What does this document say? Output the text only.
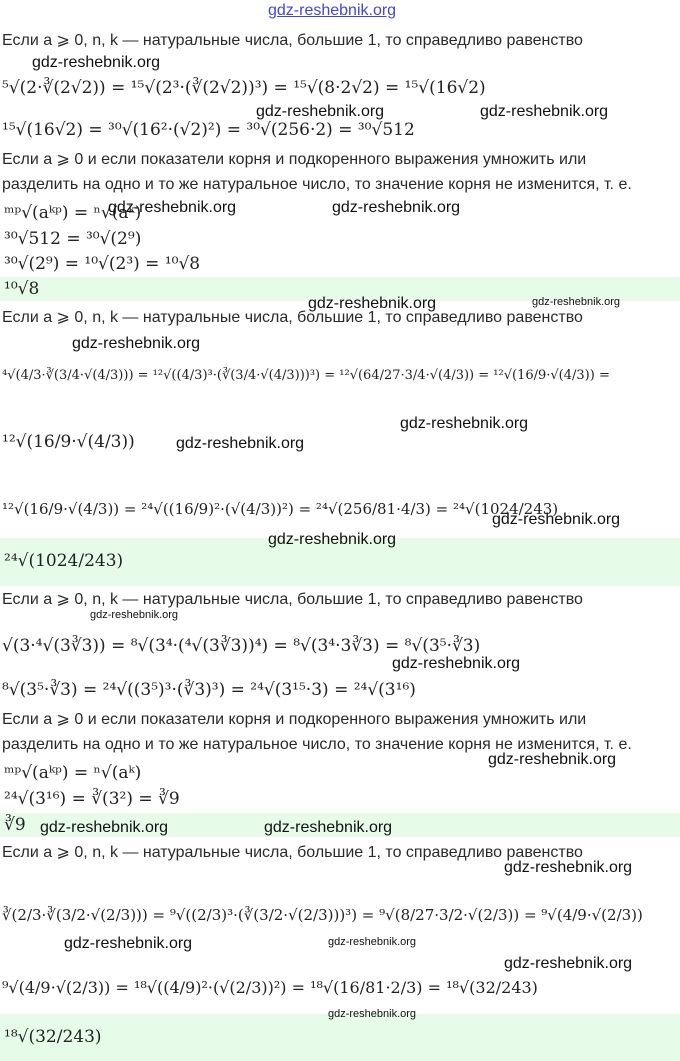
gdz-reshebnik.org
Если a ⩾ 0, n, k — натуральные числа, большие 1, то справедливо равенство
⁵√(2·∛(2√2)) = ¹⁵√(2³·(∛(2√2))³) = ¹⁵√(8·2√2) = ¹⁵√(16√2)
¹⁵√(16√2) = ³⁰√(16²·(√2)²) = ³⁰√(256·2) = ³⁰√512
Если a ⩾ 0 и если показатели корня и подкоренного выражения умножить или
разделить на одно и то же натуральное число, то значение корня не изменится, т. е.
ᵐᵖ√(aᵏᵖ) = ⁿ√(aᵏ)
³⁰√512 = ³⁰√(2⁹)
³⁰√(2⁹) = ¹⁰√(2³) = ¹⁰√8
¹⁰√8
Если a ⩾ 0, n, k — натуральные числа, большие 1, то справедливо равенство
⁴√(4/3·∛(3/4·√(4/3))) = ¹²√((4/3)³·(∛(3/4·√(4/3)))³) = ¹²√(64/27·3/4·√(4/3)) = ¹²√(16/9·√(4/3)) =
¹²√(16/9·√(4/3))
¹²√(16/9·√(4/3)) = ²⁴√((16/9)²·(√(4/3))²) = ²⁴√(256/81·4/3) = ²⁴√(1024/243)
²⁴√(1024/243)
Если a ⩾ 0, n, k — натуральные числа, большие 1, то справедливо равенство
√(3·⁴√(3∛3)) = ⁸√(3⁴·(⁴√(3∛3))⁴) = ⁸√(3⁴·3∛3) = ⁸√(3⁵·∛3)
⁸√(3⁵·∛3) = ²⁴√((3⁵)³·(∛3)³) = ²⁴√(3¹⁵·3) = ²⁴√(3¹⁶)
Если a ⩾ 0 и если показатели корня и подкоренного выражения умножить или
разделить на одно и то же натуральное число, то значение корня не изменится, т. е.
ᵐᵖ√(aᵏᵖ) = ⁿ√(aᵏ)
²⁴√(3¹⁶) = ∛(3²) = ∛9
∛9
Если a ⩾ 0, n, k — натуральные числа, большие 1, то справедливо равенство
∛(2/3·∛(3/2·√(2/3))) = ⁹√((2/3)³·(∛(3/2·√(2/3)))³) = ⁹√(8/27·3/2·√(2/3)) = ⁹√(4/9·√(2/3))
⁹√(4/9·√(2/3)) = ¹⁸√((4/9)²·(√(2/3))²) = ¹⁸√(16/81·2/3) = ¹⁸√(32/243)
¹⁸√(32/243)
gdz-reshebnik.org
gdz-reshebnik.org	gdz-reshebnik.org
gdz-reshebnik.org	gdz-reshebnik.org
gdz-reshebnik.org	gdz-reshebnik.org
gdz-reshebnik.org
gdz-reshebnik.org
gdz-reshebnik.org
gdz-reshebnik.org
gdz-reshebnik.org
gdz-reshebnik.org
gdz-reshebnik.org
gdz-reshebnik.org
gdz-reshebnik.org	gdz-reshebnik.org
gdz-reshebnik.org
gdz-reshebnik.org	gdz-reshebnik.org
gdz-reshebnik.org
gdz-reshebnik.org
